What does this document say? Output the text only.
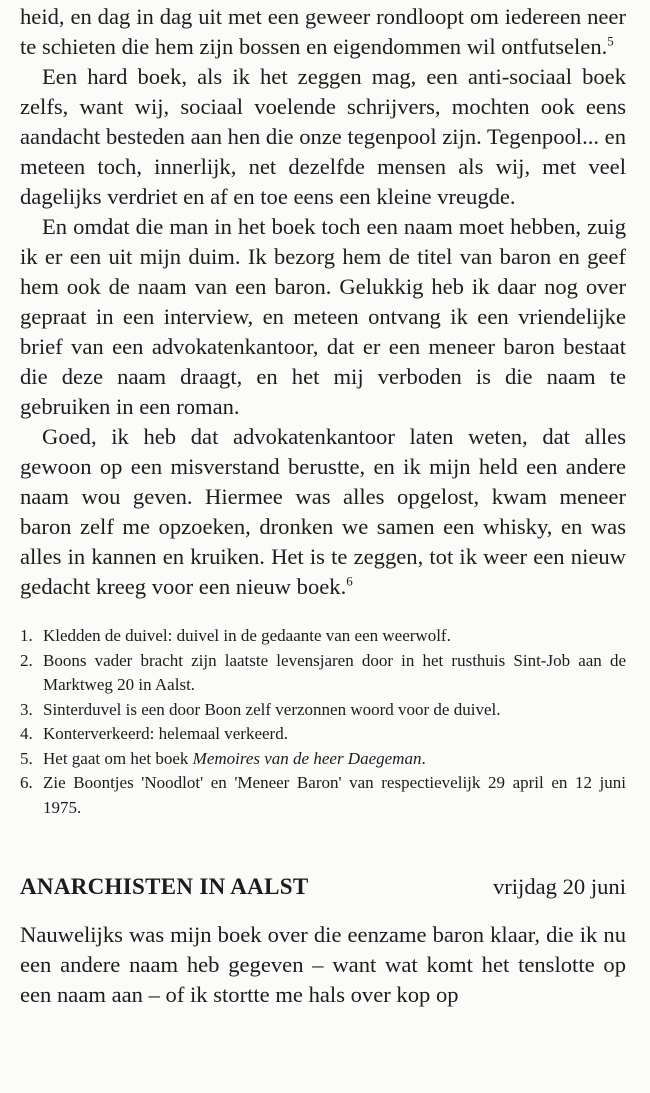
heid, en dag in dag uit met een geweer rondloopt om iedereen neer te schieten die hem zijn bossen en eigendommen wil ontfutselen.$^5$

Een hard boek, als ik het zeggen mag, een anti-sociaal boek zelfs, want wij, sociaal voelende schrijvers, mochten ook eens aandacht besteden aan hen die onze tegenpool zijn. Tegenpool... en meteen toch, innerlijk, net dezelfde mensen als wij, met veel dagelijks verdriet en af en toe eens een kleine vreugde.

En omdat die man in het boek toch een naam moet hebben, zuig ik er een uit mijn duim. Ik bezorg hem de titel van baron en geef hem ook de naam van een baron. Gelukkig heb ik daar nog over gepraat in een interview, en meteen ontvang ik een vriendelijke brief van een advokatenkantoor, dat er een meneer baron bestaat die deze naam draagt, en het mij verboden is die naam te gebruiken in een roman.

Goed, ik heb dat advokatenkantoor laten weten, dat alles gewoon op een misverstand berustte, en ik mijn held een andere naam wou geven. Hiermee was alles opgelost, kwam meneer baron zelf me opzoeken, dronken we samen een whisky, en was alles in kannen en kruiken. Het is te zeggen, tot ik weer een nieuw gedacht kreeg voor een nieuw boek.$^6$

1. Kledden de duivel: duivel in de gedaante van een weerwolf.
2. Boons vader bracht zijn laatste levensjaren door in het rusthuis Sint-Job aan de Marktweg 20 in Aalst.
3. Sinterduvel is een door Boon zelf verzonnen woord voor de duivel.
4. Konterverkeerd: helemaal verkeerd.
5. Het gaat om het boek Memoires van de heer Daegeman.
6. Zie Boontjes 'Noodlot' en 'Meneer Baron' van respectievelijk 29 april en 12 juni 1975.
ANARCHISTEN IN AALST	vrijdag 20 juni
Nauwelijks was mijn boek over die eenzame baron klaar, die ik nu een andere naam heb gegeven – want wat komt het tenslotte op een naam aan – of ik stortte me hals over kop op
